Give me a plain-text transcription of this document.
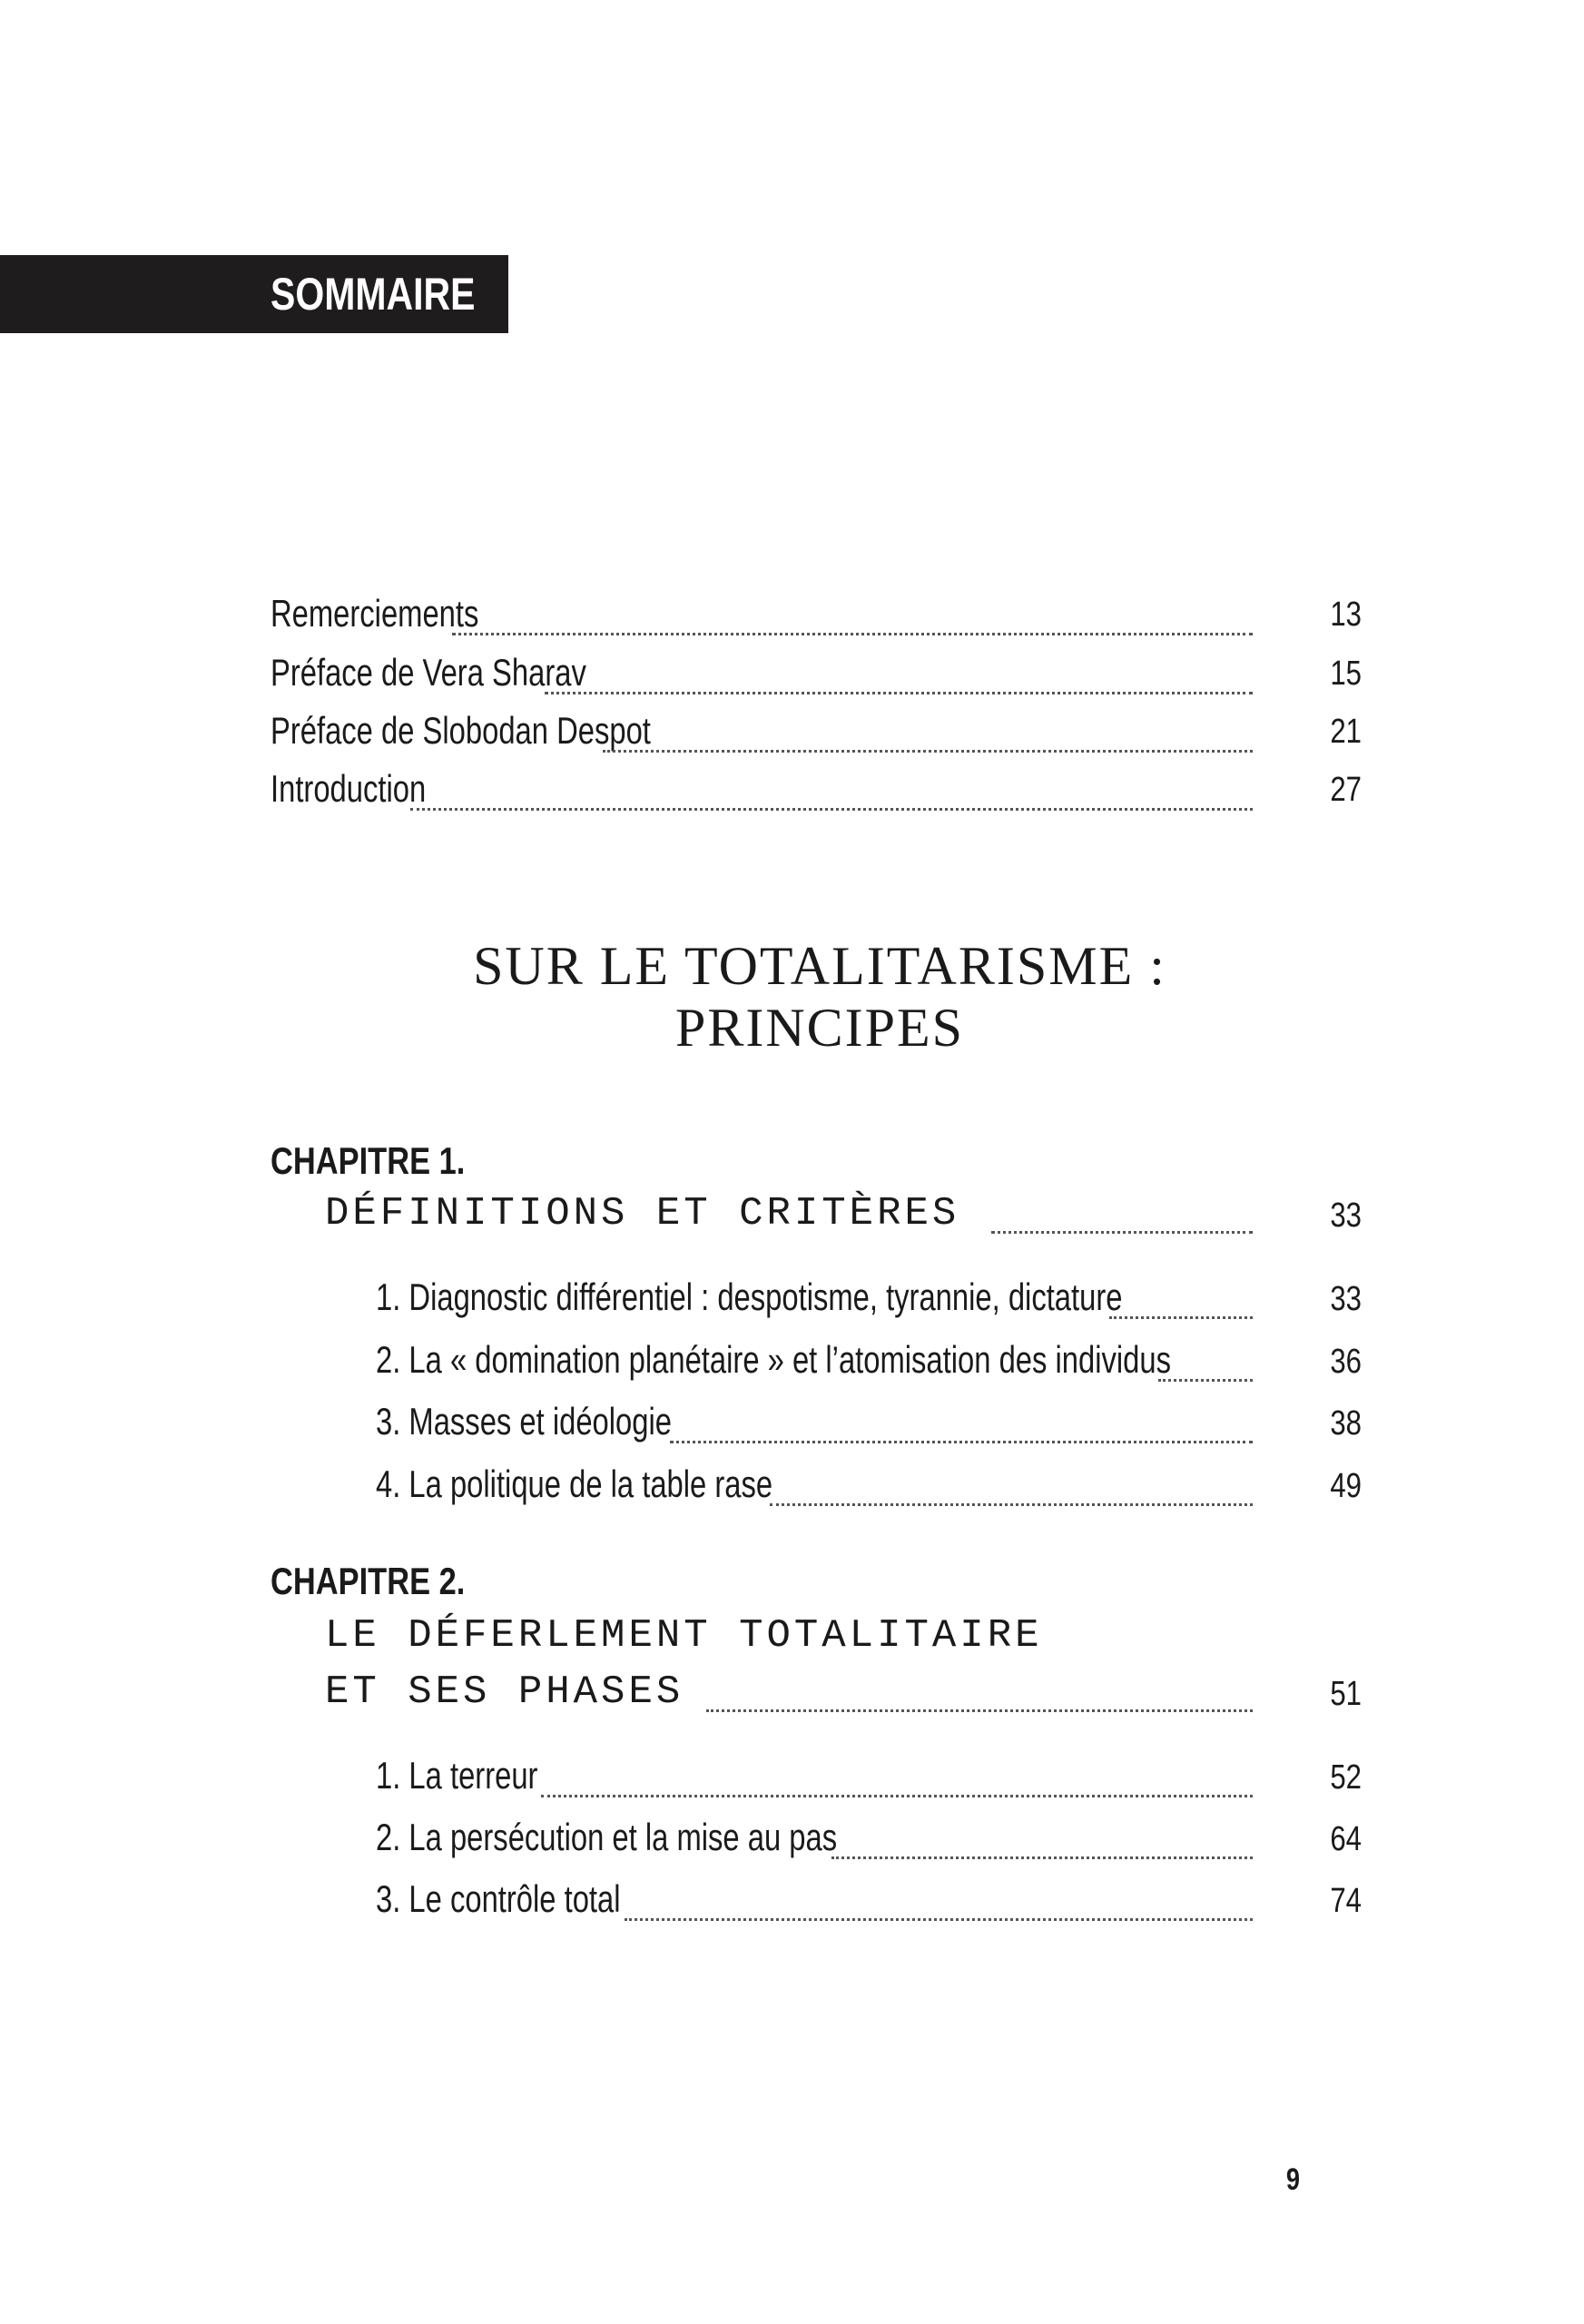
SOMMAIRE
Remerciements	13
Préface de Vera Sharav	15
Préface de Slobodan Despot	21
Introduction	27
SUR LE TOTALITARISME :
PRINCIPES
CHAPITRE 1.
DÉFINITIONS ET CRITÈRES	33
1. Diagnostic différentiel : despotisme, tyrannie, dictature	33
2. La « domination planétaire » et l’atomisation des individus	36
3. Masses et idéologie	38
4. La politique de la table rase	49
CHAPITRE 2.
LE DÉFERLEMENT TOTALITAIRE
ET SES PHASES	51
1. La terreur	52
2. La persécution et la mise au pas	64
3. Le contrôle total	74
9
